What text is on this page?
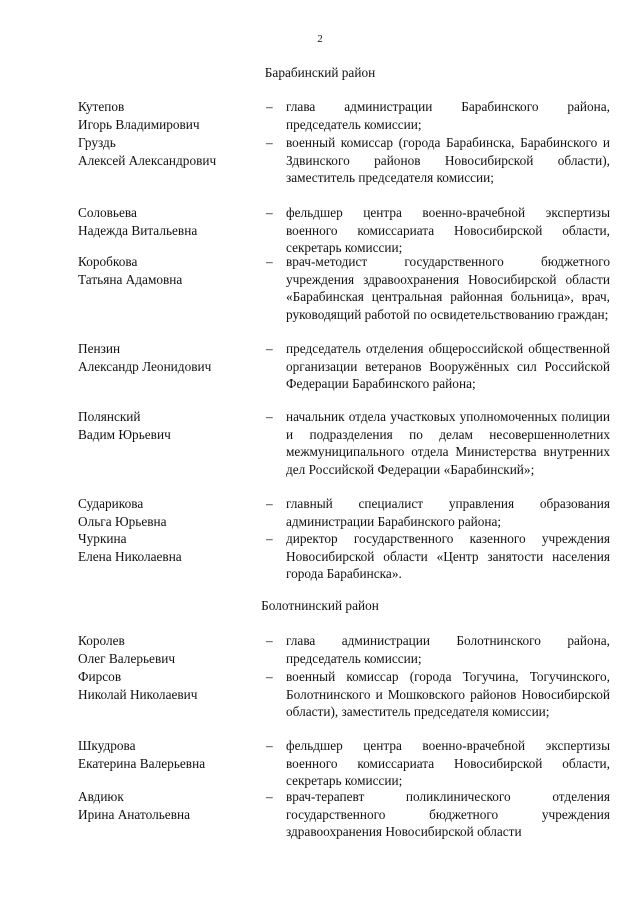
2
Барабинский район
Кутепов
Игорь Владимирович
– глава администрации Барабинского района, председатель комиссии;
Груздь
Алексей Александрович
– военный комиссар (города Барабинска, Барабинского и Здвинского районов Новосибирской области), заместитель председателя комиссии;
Соловьева
Надежда Витальевна
– фельдшер центра военно-врачебной экспертизы военного комиссариата Новосибирской области, секретарь комиссии;
Коробкова
Татьяна Адамовна
– врач-методист государственного бюджетного учреждения здравоохранения Новосибирской области «Барабинская центральная районная больница», врач, руководящий работой по освидетельствованию граждан;
Пензин
Александр Леонидович
– председатель отделения общероссийской общественной организации ветеранов Вооружённых сил Российской Федерации Барабинского района;
Полянский
Вадим Юрьевич
– начальник отдела участковых уполномоченных полиции и подразделения по делам несовершеннолетних межмуниципального отдела Министерства внутренних дел Российской Федерации «Барабинский»;
Сударикова
Ольга Юрьевна
– главный специалист управления образования администрации Барабинского района;
Чуркина
Елена Николаевна
– директор государственного казенного учреждения Новосибирской области «Центр занятости населения города Барабинска».
Болотнинский район
Королев
Олег Валерьевич
– глава администрации Болотнинского района, председатель комиссии;
Фирсов
Николай Николаевич
– военный комиссар (города Тогучина, Тогучинского, Болотнинского и Мошковского районов Новосибирской области), заместитель председателя комиссии;
Шкудрова
Екатерина Валерьевна
– фельдшер центра военно-врачебной экспертизы военного комиссариата Новосибирской области, секретарь комиссии;
Авдиюк
Ирина Анатольевна
– врач-терапевт поликлинического отделения государственного бюджетного учреждения здравоохранения Новосибирской области
